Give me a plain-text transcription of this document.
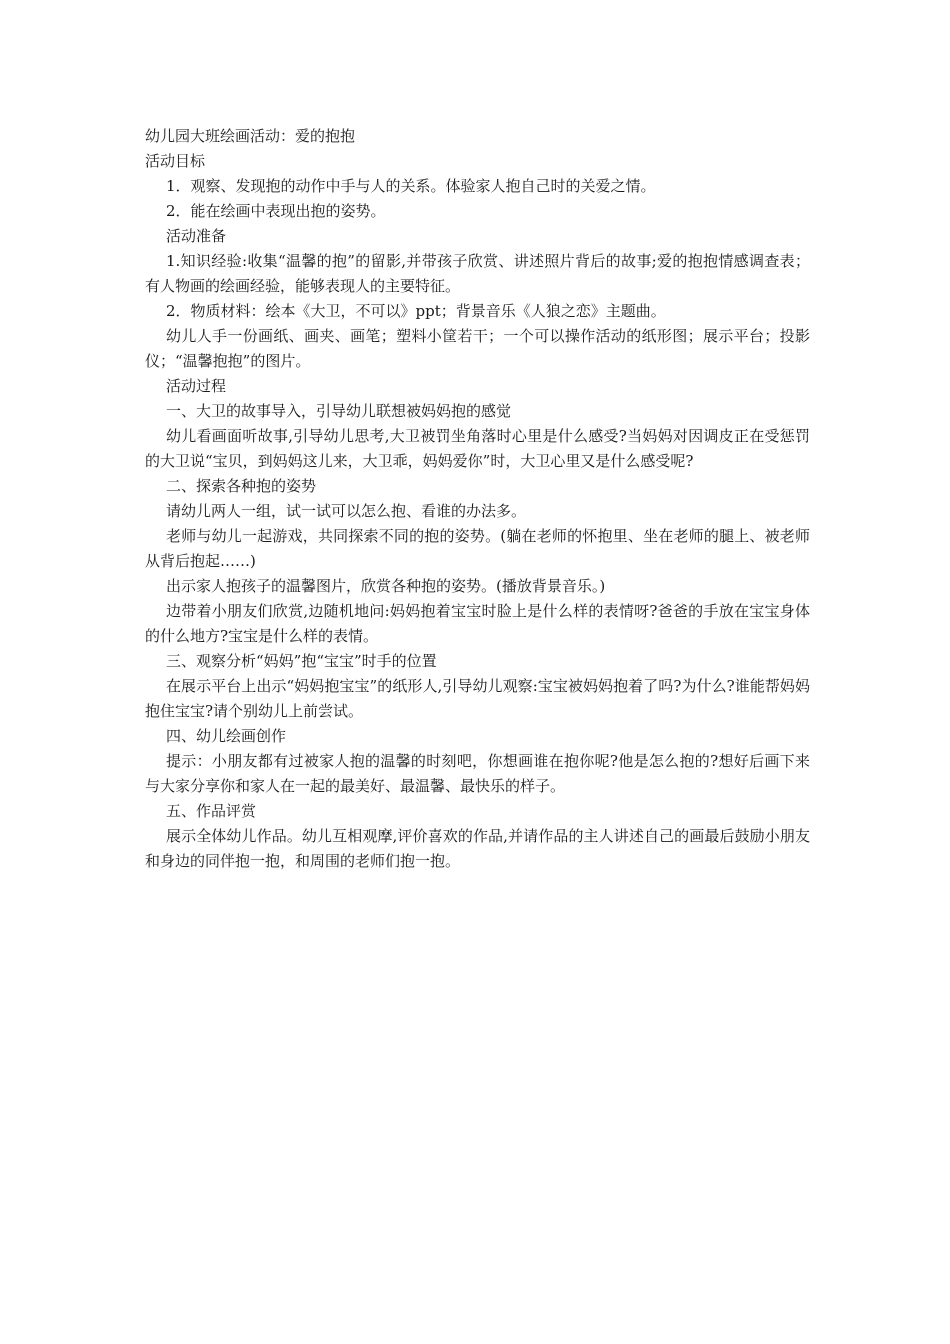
幼儿园大班绘画活动：爱的抱抱

活动目标

1．观察、发现抱的动作中手与人的关系。体验家人抱自己时的关爱之情。

2．能在绘画中表现出抱的姿势。

活动准备

1.知识经验:收集“温馨的抱”的留影,并带孩子欣赏、讲述照片背后的故事;爱的抱抱情感调查表；有人物画的绘画经验，能够表现人的主要特征。

2．物质材料：绘本《大卫，不可以》ppt；背景音乐《人狼之恋》主题曲。

幼儿人手一份画纸、画夹、画笔；塑料小筐若干；一个可以操作活动的纸形图；展示平台；投影仪；“温馨抱抱”的图片。

活动过程

一、大卫的故事导入，引导幼儿联想被妈妈抱的感觉

幼儿看画面听故事,引导幼儿思考,大卫被罚坐角落时心里是什么感受?当妈妈对因调皮正在受惩罚的大卫说“宝贝，到妈妈这儿来，大卫乖，妈妈爱你”时，大卫心里又是什么感受呢?

二、探索各种抱的姿势

请幼儿两人一组，试一试可以怎么抱、看谁的办法多。

老师与幼儿一起游戏，共同探索不同的抱的姿势。(躺在老师的怀抱里、坐在老师的腿上、被老师从背后抱起……)

出示家人抱孩子的温馨图片，欣赏各种抱的姿势。(播放背景音乐。)

边带着小朋友们欣赏,边随机地问:妈妈抱着宝宝时脸上是什么样的表情呀?爸爸的手放在宝宝身体的什么地方?宝宝是什么样的表情。

三、观察分析“妈妈”抱“宝宝”时手的位置

在展示平台上出示“妈妈抱宝宝”的纸形人,引导幼儿观察:宝宝被妈妈抱着了吗?为什么?谁能帮妈妈抱住宝宝?请个别幼儿上前尝试。

四、幼儿绘画创作

提示：小朋友都有过被家人抱的温馨的时刻吧，你想画谁在抱你呢?他是怎么抱的?想好后画下来与大家分享你和家人在一起的最美好、最温馨、最快乐的样子。

五、作品评赏

展示全体幼儿作品。幼儿互相观摩,评价喜欢的作品,并请作品的主人讲述自己的画最后鼓励小朋友和身边的同伴抱一抱，和周围的老师们抱一抱。
